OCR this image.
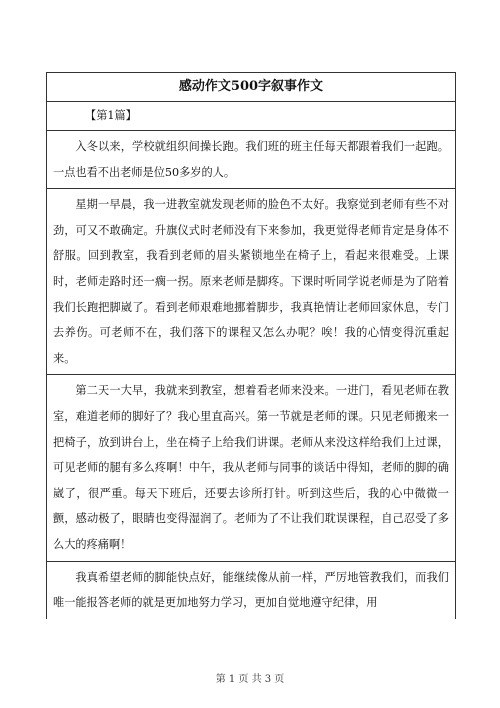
感动作文500字叙事作文
【第1篇】

入冬以来，学校就组织间操长跑。我们班的班主任每天都跟着我们一起跑。一点也看不出老师是位50多岁的人。

星期一早晨，我一进教室就发现老师的脸色不太好。我察觉到老师有些不对劲，可又不敢确定。升旗仪式时老师没有下来参加，我更觉得老师肯定是身体不舒服。回到教室，我看到老师的眉头紧锁地坐在椅子上，看起来很难受。上课时，老师走路时还一瘸一拐。原来老师是脚疼。下课时听同学说老师是为了陪着我们长跑把脚崴了。看到老师艰难地挪着脚步，我真艳情让老师回家休息，专门去养伤。可老师不在，我们落下的课程又怎么办呢？唉！我的心情变得沉重起来。

第二天一大早，我就来到教室，想着看老师来没来。一进门，看见老师在教室，难道老师的脚好了？我心里直高兴。第一节就是老师的课。只见老师搬来一把椅子，放到讲台上，坐在椅子上给我们讲课。老师从来没这样给我们上过课，可见老师的腿有多么疼啊！中午，我从老师与同事的谈话中得知，老师的脚的确崴了，很严重。每天下班后，还要去诊所打针。听到这些后，我的心中微微一颤，感动极了，眼睛也变得湿润了。老师为了不让我们耽误课程，自己忍受了多么大的疼痛啊！

我真希望老师的脚能快点好，能继续像从前一样，严厉地管教我们，而我们唯一能报答老师的就是更加地努力学习，更加自觉地遵守纪律，用

第 1 页 共 3 页
